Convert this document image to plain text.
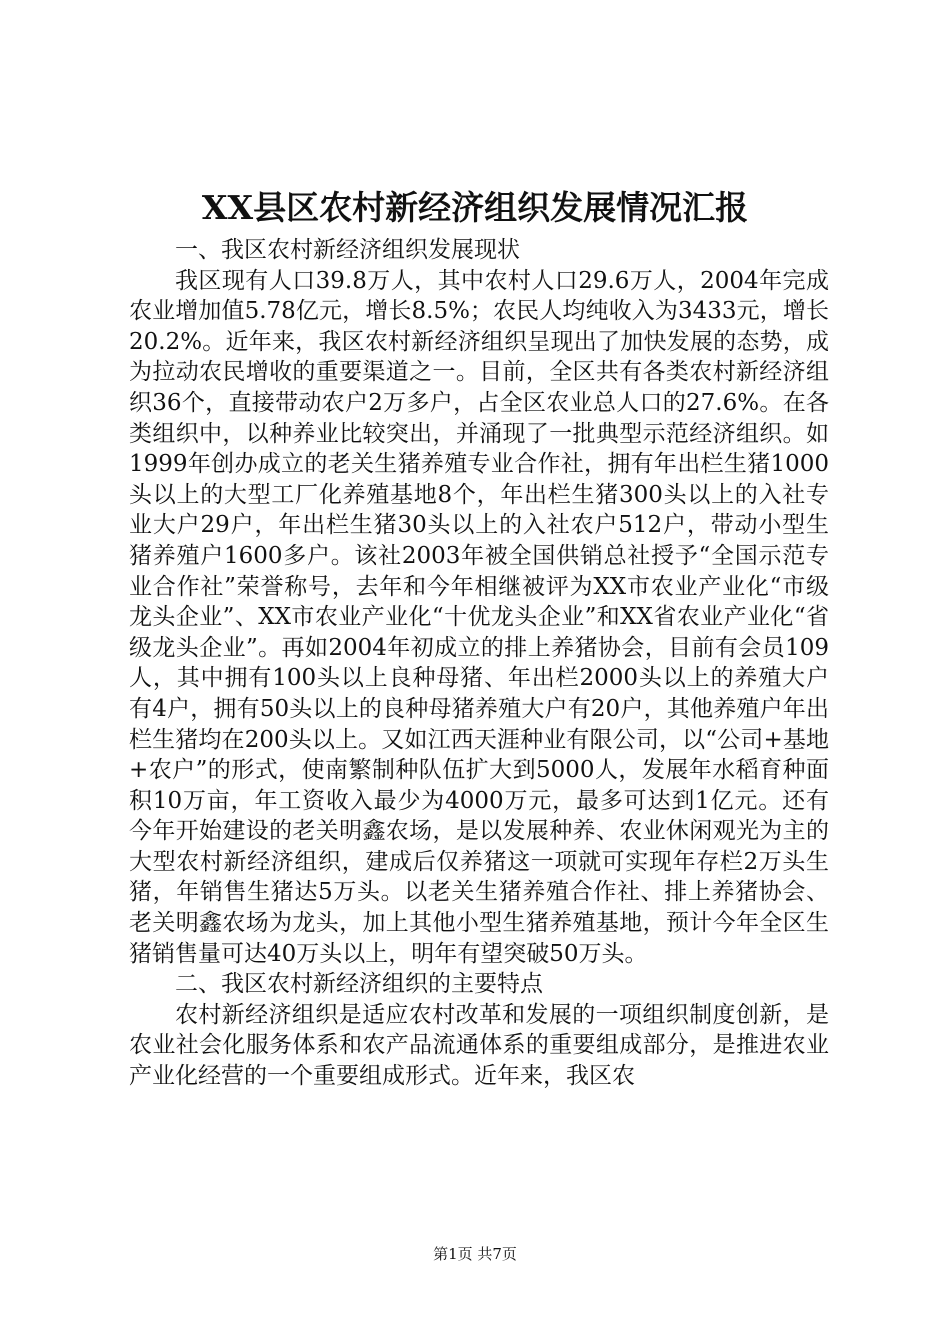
XX县区农村新经济组织发展情况汇报

一、我区农村新经济组织发展现状

我区现有人口39.8万人，其中农村人口29.6万人，2004年完成农业增加值5.78亿元，增长8.5%；农民人均纯收入为3433元，增长20.2%。近年来，我区农村新经济组织呈现出了加快发展的态势，成为拉动农民增收的重要渠道之一。目前，全区共有各类农村新经济组织36个，直接带动农户2万多户，占全区农业总人口的27.6%。在各类组织中，以种养业比较突出，并涌现了一批典型示范经济组织。如1999年创办成立的老关生猪养殖专业合作社，拥有年出栏生猪1000头以上的大型工厂化养殖基地8个，年出栏生猪300头以上的入社专业大户29户，年出栏生猪30头以上的入社农户512户，带动小型生猪养殖户1600多户。该社2003年被全国供销总社授予“全国示范专业合作社”荣誉称号，去年和今年相继被评为XX市农业产业化“市级龙头企业”、XX市农业产业化“十优龙头企业”和XX省农业产业化“省级龙头企业”。再如2004年初成立的排上养猪协会，目前有会员109人，其中拥有100头以上良种母猪、年出栏2000头以上的养殖大户有4户，拥有50头以上的良种母猪养殖大户有20户，其他养殖户年出栏生猪均在200头以上。又如江西天涯种业有限公司，以“公司+基地+农户”的形式，使南繁制种队伍扩大到5000人，发展年水稻育种面积10万亩，年工资收入最少为4000万元，最多可达到1亿元。还有今年开始建设的老关明鑫农场，是以发展种养、农业休闲观光为主的大型农村新经济组织，建成后仅养猪这一项就可实现年存栏2万头生猪，年销售生猪达5万头。以老关生猪养殖合作社、排上养猪协会、老关明鑫农场为龙头，加上其他小型生猪养殖基地，预计今年全区生猪销售量可达40万头以上，明年有望突破50万头。

二、我区农村新经济组织的主要特点

农村新经济组织是适应农村改革和发展的一项组织制度创新，是农业社会化服务体系和农产品流通体系的重要组成部分，是推进农业产业化经营的一个重要组成形式。近年来，我区农

第1页 共7页
